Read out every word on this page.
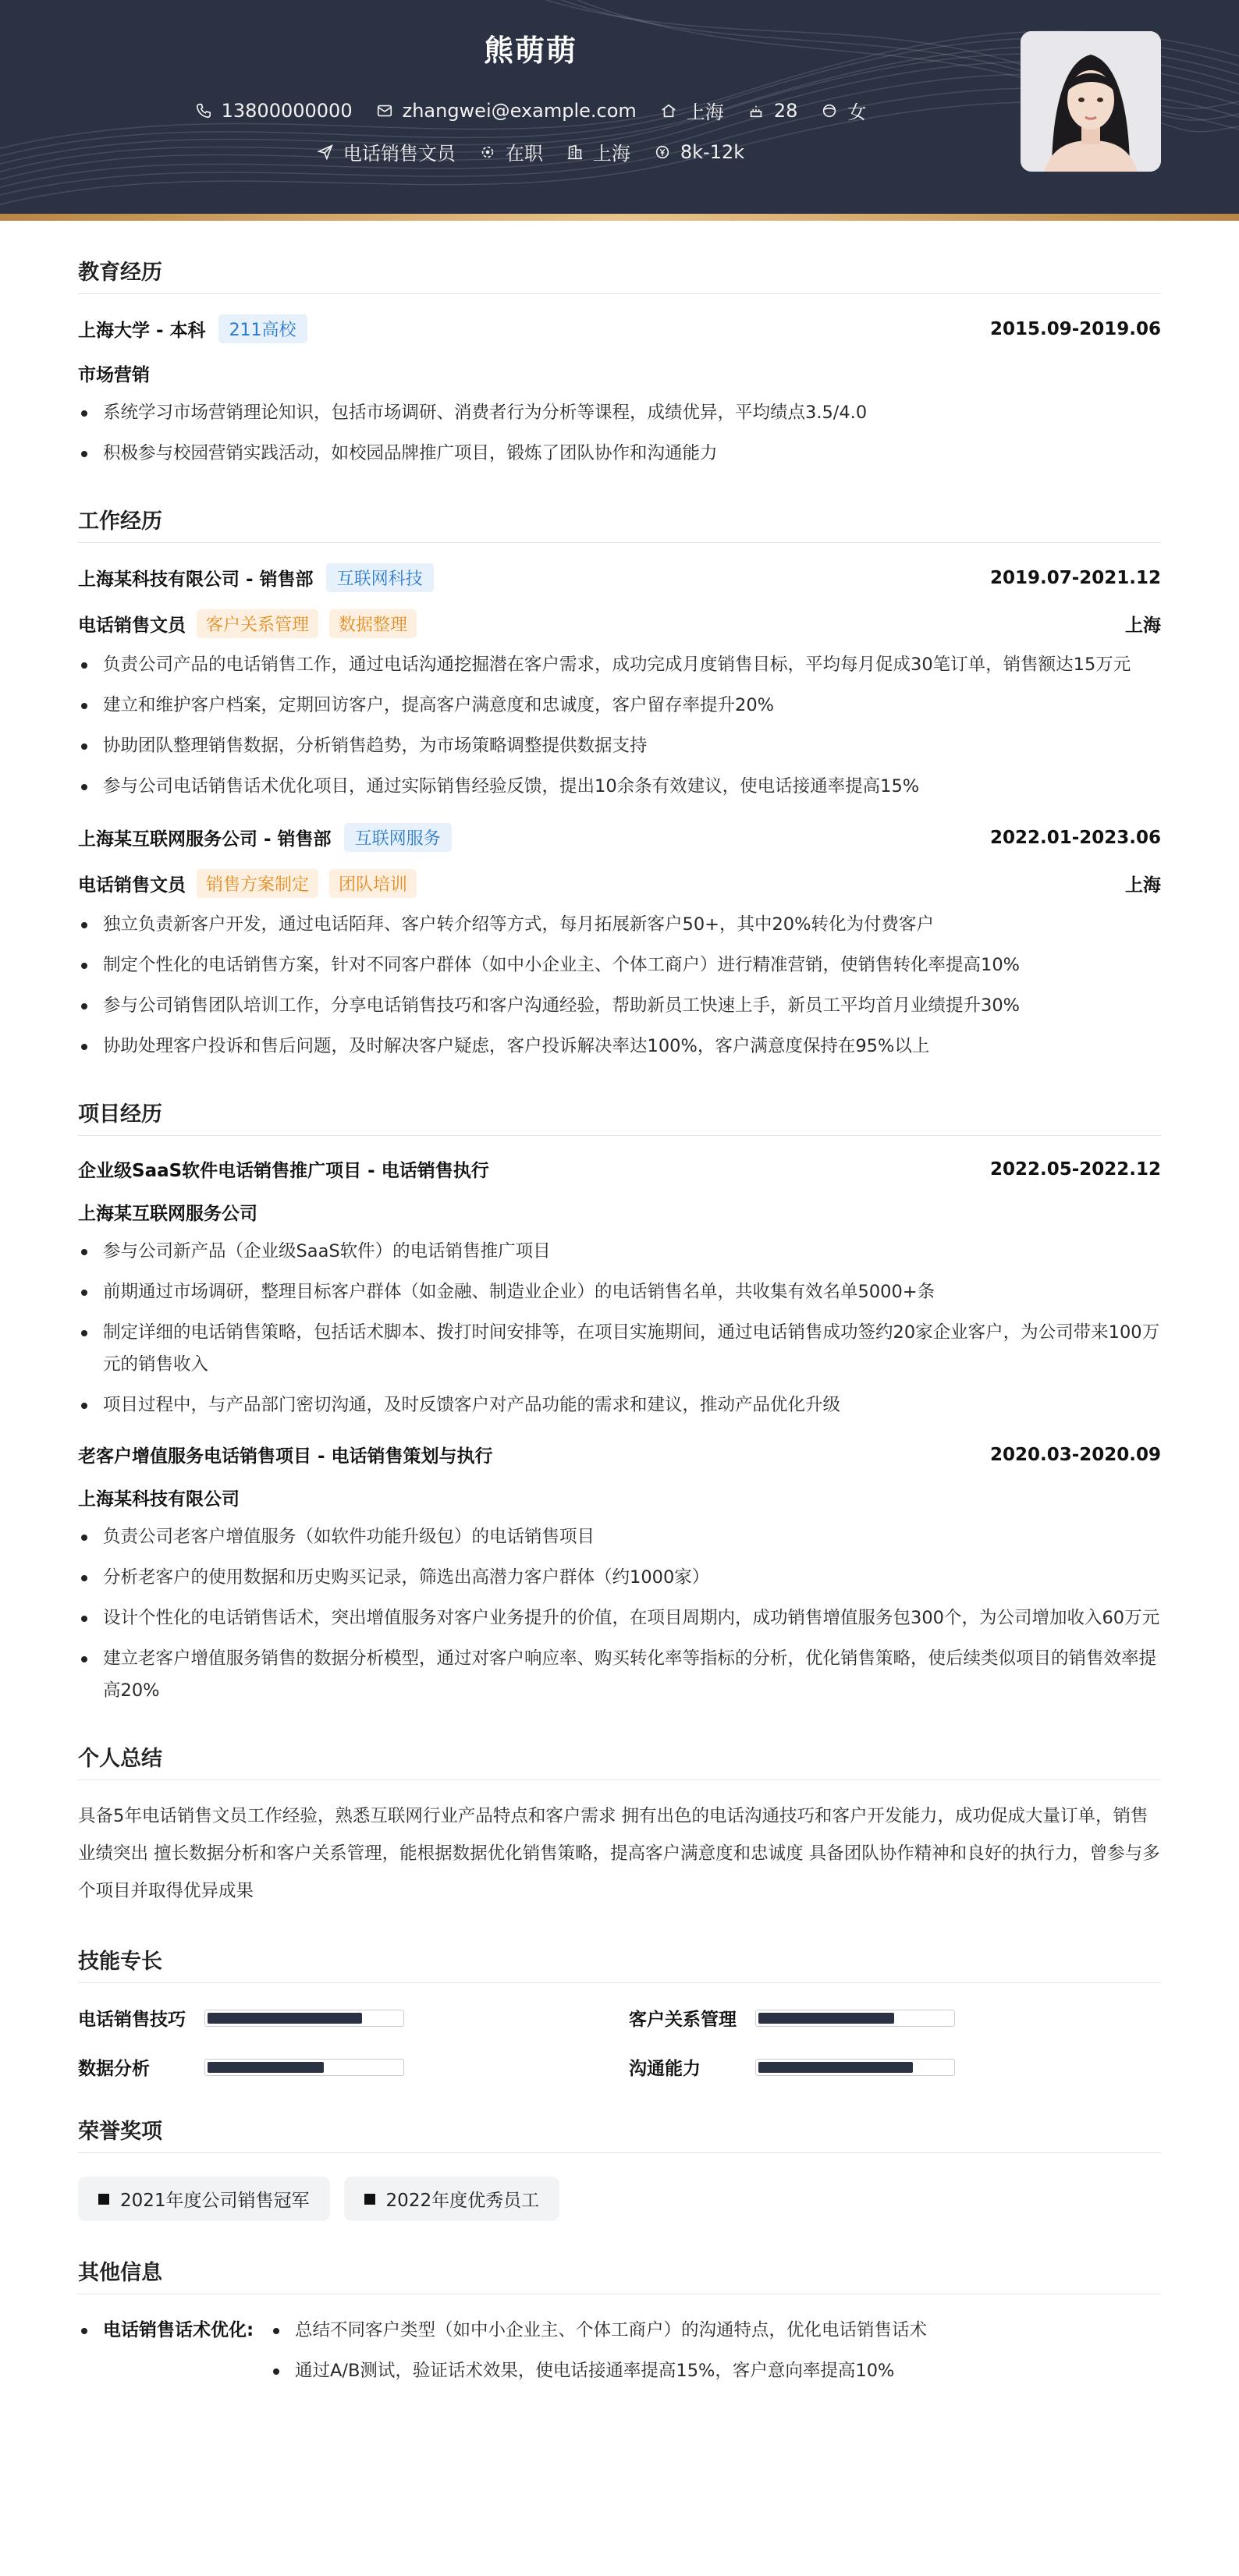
熊萌萌
13800000000	zhangwei@example.com	上海	28	女
电话销售文员	在职	上海	8k-12k
教育经历
上海大学 - 本科	211高校	2015.09-2019.06
市场营销
系统学习市场营销理论知识，包括市场调研、消费者行为分析等课程，成绩优异，平均绩点3.5/4.0
积极参与校园营销实践活动，如校园品牌推广项目，锻炼了团队协作和沟通能力
工作经历
上海某科技有限公司 - 销售部	互联网科技	2019.07-2021.12
电话销售文员	客户关系管理	数据整理	上海
负责公司产品的电话销售工作，通过电话沟通挖掘潜在客户需求，成功完成月度销售目标，平均每月促成30笔订单，销售额达15万元
建立和维护客户档案，定期回访客户，提高客户满意度和忠诚度，客户留存率提升20%
协助团队整理销售数据，分析销售趋势，为市场策略调整提供数据支持
参与公司电话销售话术优化项目，通过实际销售经验反馈，提出10余条有效建议，使电话接通率提高15%
上海某互联网服务公司 - 销售部	互联网服务	2022.01-2023.06
电话销售文员	销售方案制定	团队培训	上海
独立负责新客户开发，通过电话陌拜、客户转介绍等方式，每月拓展新客户50+，其中20%转化为付费客户
制定个性化的电话销售方案，针对不同客户群体（如中小企业主、个体工商户）进行精准营销，使销售转化率提高10%
参与公司销售团队培训工作，分享电话销售技巧和客户沟通经验，帮助新员工快速上手，新员工平均首月业绩提升30%
协助处理客户投诉和售后问题，及时解决客户疑虑，客户投诉解决率达100%，客户满意度保持在95%以上
项目经历
企业级SaaS软件电话销售推广项目 - 电话销售执行	2022.05-2022.12
上海某互联网服务公司
参与公司新产品（企业级SaaS软件）的电话销售推广项目
前期通过市场调研，整理目标客户群体（如金融、制造业企业）的电话销售名单，共收集有效名单5000+条
制定详细的电话销售策略，包括话术脚本、拨打时间安排等，在项目实施期间，通过电话销售成功签约20家企业客户，为公司带来100万元的销售收入
项目过程中，与产品部门密切沟通，及时反馈客户对产品功能的需求和建议，推动产品优化升级
老客户增值服务电话销售项目 - 电话销售策划与执行	2020.03-2020.09
上海某科技有限公司
负责公司老客户增值服务（如软件功能升级包）的电话销售项目
分析老客户的使用数据和历史购买记录，筛选出高潜力客户群体（约1000家）
设计个性化的电话销售话术，突出增值服务对客户业务提升的价值，在项目周期内，成功销售增值服务包300个，为公司增加收入60万元
建立老客户增值服务销售的数据分析模型，通过对客户响应率、购买转化率等指标的分析，优化销售策略，使后续类似项目的销售效率提高20%
个人总结
具备5年电话销售文员工作经验，熟悉互联网行业产品特点和客户需求 拥有出色的电话沟通技巧和客户开发能力，成功促成大量订单，销售业绩突出 擅长数据分析和客户关系管理，能根据数据优化销售策略，提高客户满意度和忠诚度 具备团队协作精神和良好的执行力，曾参与多个项目并取得优异成果
技能专长
电话销售技巧	客户关系管理
数据分析	沟通能力
荣誉奖项
2021年度公司销售冠军	2022年度优秀员工
其他信息
电话销售话术优化:	总结不同客户类型（如中小企业主、个体工商户）的沟通特点，优化电话销售话术
通过A/B测试，验证话术效果，使电话接通率提高15%，客户意向率提高10%
